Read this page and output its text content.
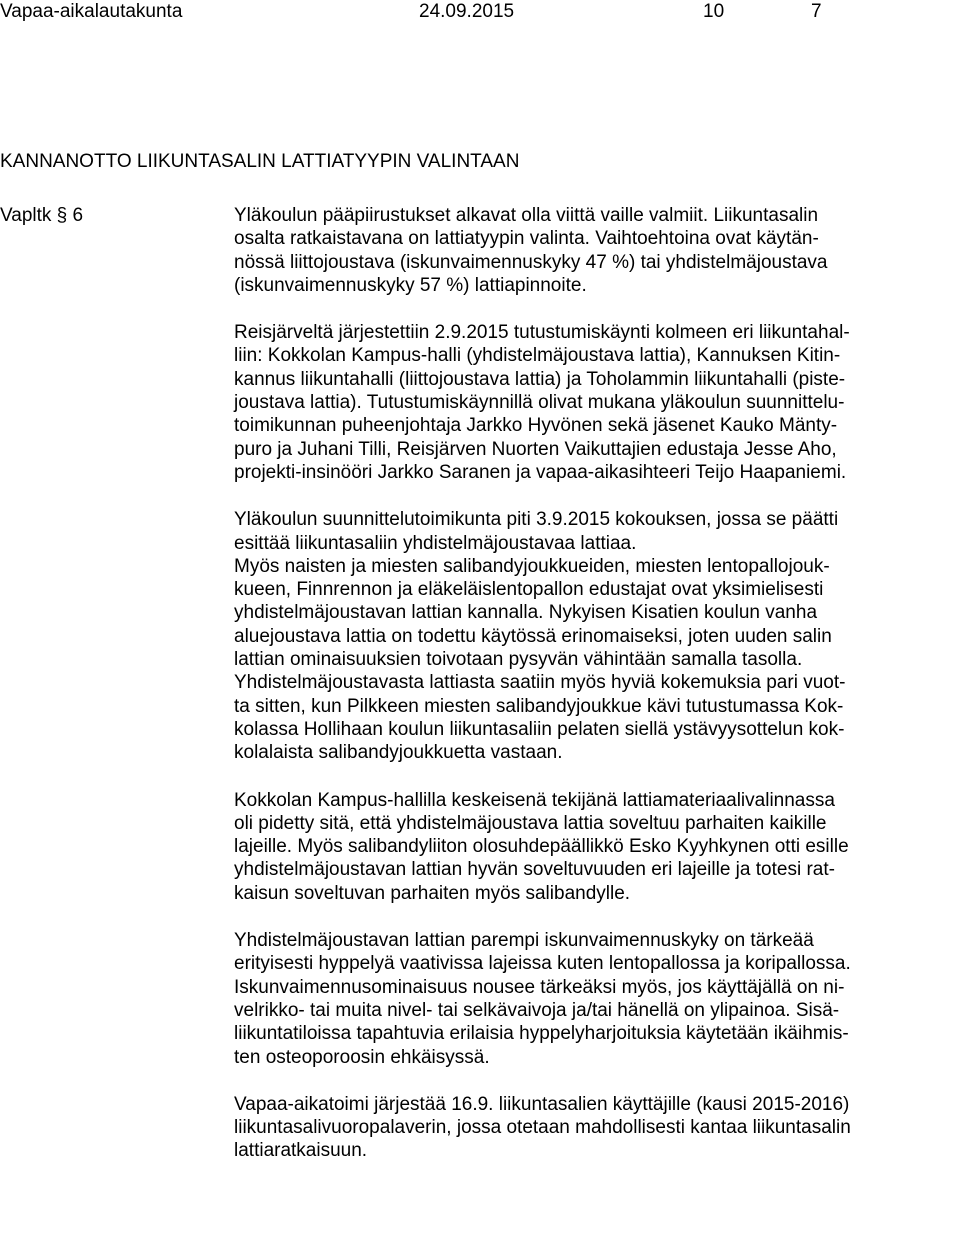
Vapaa-aikalautakunta	24.09.2015	10	7
KANNANOTTO LIIKUNTASALIN LATTIATYYPIN VALINTAAN
Vapltk § 6	Yläkoulun pääpiirustukset alkavat olla viittä vaille valmiit. Liikuntasalin
osalta ratkaistavana on lattiatyypin valinta. Vaihtoehtoina ovat käytän-
nössä liittojoustava (iskunvaimennuskyky 47 %) tai yhdistelmäjoustava
(iskunvaimennuskyky 57 %) lattiapinnoite.
Reisjärveltä järjestettiin 2.9.2015 tutustumiskäynti kolmeen eri liikuntahal-
liin: Kokkolan Kampus-halli (yhdistelmäjoustava lattia), Kannuksen Kitin-
kannus liikuntahalli (liittojoustava lattia) ja Toholammin liikuntahalli (piste-
joustava lattia). Tutustumiskäynnillä olivat mukana yläkoulun suunnittelu-
toimikunnan puheenjohtaja Jarkko Hyvönen sekä jäsenet Kauko Mänty-
puro ja Juhani Tilli, Reisjärven Nuorten Vaikuttajien edustaja Jesse Aho,
projekti-insinööri Jarkko Saranen ja vapaa-aikasihteeri Teijo Haapaniemi.
Yläkoulun suunnittelutoimikunta piti 3.9.2015 kokouksen, jossa se päätti
esittää liikuntasaliin yhdistelmäjoustavaa lattiaa.
Myös naisten ja miesten salibandyjoukkueiden, miesten lentopallojouk-
kueen, Finnrennon ja eläkeläislentopallon edustajat ovat yksimielisesti
yhdistelmäjoustavan lattian kannalla. Nykyisen Kisatien koulun vanha
aluejoustava lattia on todettu käytössä erinomaiseksi, joten uuden salin
lattian ominaisuuksien toivotaan pysyvän vähintään samalla tasolla.
Yhdistelmäjoustavasta lattiasta saatiin myös hyviä kokemuksia pari vuot-
ta sitten, kun Pilkkeen miesten salibandyjoukkue kävi tutustumassa Kok-
kolassa Hollihaan koulun liikuntasaliin pelaten siellä ystävyysottelun kok-
kolalaista salibandyjoukkuetta vastaan.
Kokkolan Kampus-hallilla keskeisenä tekijänä lattiamateriaalivalinnassa
oli pidetty sitä, että yhdistelmäjoustava lattia soveltuu parhaiten kaikille
lajeille. Myös salibandyliiton olosuhdepäällikkö Esko Kyyhkynen otti esille
yhdistelmäjoustavan lattian hyvän soveltuvuuden eri lajeille ja totesi rat-
kaisun soveltuvan parhaiten myös salibandylle.
Yhdistelmäjoustavan lattian parempi iskunvaimennuskyky on tärkeää
erityisesti hyppelyä vaativissa lajeissa kuten lentopallossa ja koripallossa.
Iskunvaimennusominaisuus nousee tärkeäksi myös, jos käyttäjällä on ni-
velrikko- tai muita nivel- tai selkävaivoja ja/tai hänellä on ylipainoa. Sisä-
liikuntatiloissa tapahtuvia erilaisia hyppelyharjoituksia käytetään ikäihmis-
ten osteoporoosin ehkäisyssä.
Vapaa-aikatoimi järjestää 16.9. liikuntasalien käyttäjille (kausi 2015-2016)
liikuntasalivuoropalaverin, jossa otetaan mahdollisesti kantaa liikuntasalin
lattiaratkaisuun.
